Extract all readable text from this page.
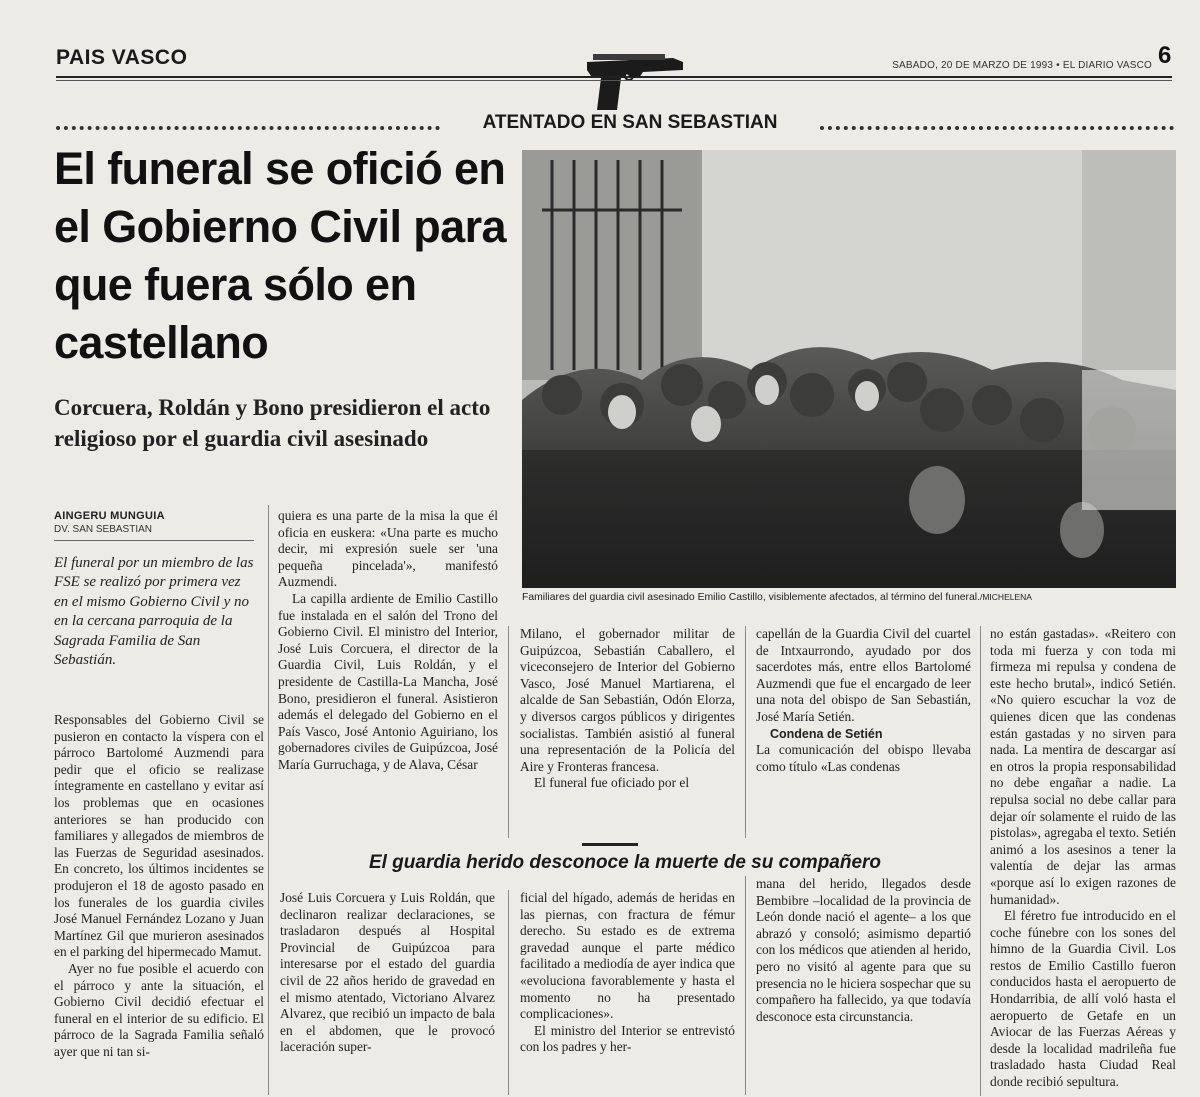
PAIS VASCO	SABADO, 20 DE MARZO DE 1993 • EL DIARIO VASCO 6
ATENTADO EN SAN SEBASTIAN
El funeral se ofició en el Gobierno Civil para que fuera sólo en castellano
Corcuera, Roldán y Bono presidieron el acto religioso por el guardia civil asesinado
AINGERU MUNGUIA
DV. SAN SEBASTIAN

El funeral por un miembro de las FSE se realizó por primera vez en el mismo Gobierno Civil y no en la cercana parroquia de la Sagrada Familia de San Sebastián.

Responsables del Gobierno Civil se pusieron en contacto la víspera con el párroco Bartolomé Auzmendi para pedir que el oficio se realizase íntegramente en castellano y evitar así los problemas que en ocasiones anteriores se han producido con familiares y allegados de miembros de las Fuerzas de Seguridad asesinados. En concreto, los últimos incidentes se produjeron el 18 de agosto pasado en los funerales de los guardia civiles José Manuel Fernández Lozano y Juan Martínez Gil que murieron asesinados en el parking del hipermecado Mamut.

Ayer no fue posible el acuerdo con el párroco y ante la situación, el Gobierno Civil decidió efectuar el funeral en el interior de su edificio. El párroco de la Sagrada Familia señaló ayer que ni tan si-

quiera es una parte de la misa la que él oficia en euskera: «Una parte es mucho decir, mi expresión suele ser 'una pequeña pincelada'», manifestó Auzmendi.

La capilla ardiente de Emilio Castillo fue instalada en el salón del Trono del Gobierno Civil. El ministro del Interior, José Luis Corcuera, el director de la Guardia Civil, Luis Roldán, y el presidente de Castilla-La Mancha, José Bono, presidieron el funeral. Asistieron además el delegado del Gobierno en el País Vasco, José Antonio Aguiriano, los gobernadores civiles de Guipúzcoa, José María Gurruchaga, y de Alava, César

Familiares del guardia civil asesinado Emilio Castillo, visiblemente afectados, al término del funeral./MICHELENA

Milano, el gobernador militar de Guipúzcoa, Sebastián Caballero, el viceconsejero de Interior del Gobierno Vasco, José Manuel Martiarena, el alcalde de San Sebastián, Odón Elorza, y diversos cargos públicos y dirigentes socialistas. También asistió al funeral una representación de la Policía del Aire y Fronteras francesa.

El funeral fue oficiado por el

capellán de la Guardia Civil del cuartel de Intxaurrondo, ayudado por dos sacerdotes más, entre ellos Bartolomé Auzmendi que fue el encargado de leer una nota del obispo de San Sebastián, José María Setién.

Condena de Setién

La comunicación del obispo llevaba como título «Las condenas

no están gastadas». «Reitero con toda mi fuerza y con toda mi firmeza mi repulsa y condena de este hecho brutal», indicó Setién. «No quiero escuchar la voz de quienes dicen que las condenas están gastadas y no sirven para nada. La mentira de descargar así en otros la propia responsabilidad no debe engañar a nadie. La repulsa social no debe callar para dejar oír solamente el ruido de las pistolas», agregaba el texto. Setién animó a los asesinos a tener la valentía de dejar las armas «porque así lo exigen razones de humanidad».

El féretro fue introducido en el coche fúnebre con los sones del himno de la Guardia Civil. Los restos de Emilio Castillo fueron conducidos hasta el aeropuerto de Hondarribia, de allí voló hasta el aeropuerto de Getafe en un Aviocar de las Fuerzas Aéreas y desde la localidad madrileña fue trasladado hasta Ciudad Real donde recibió sepultura.

El guardia herido desconoce la muerte de su compañero

José Luis Corcuera y Luis Roldán, que declinaron realizar declaraciones, se trasladaron después al Hospital Provincial de Guipúzcoa para interesarse por el estado del guardia civil de 22 años herido de gravedad en el mismo atentado, Victoriano Alvarez Alvarez, que recibió un impacto de bala en el abdomen, que le provocó laceración super-

ficial del hígado, además de heridas en las piernas, con fractura de fémur derecho. Su estado es de extrema gravedad aunque el parte médico facilitado a mediodía de ayer indica que «evoluciona favorablemente y hasta el momento no ha presentado complicaciones».

El ministro del Interior se entrevistó con los padres y her-

mana del herido, llegados desde Bembibre –localidad de la provincia de León donde nació el agente– a los que abrazó y consoló; asimismo departió con los médicos que atienden al herido, pero no visitó al agente para que su presencia no le hiciera sospechar que su compañero ha fallecido, ya que todavía desconoce esta circunstancia.
